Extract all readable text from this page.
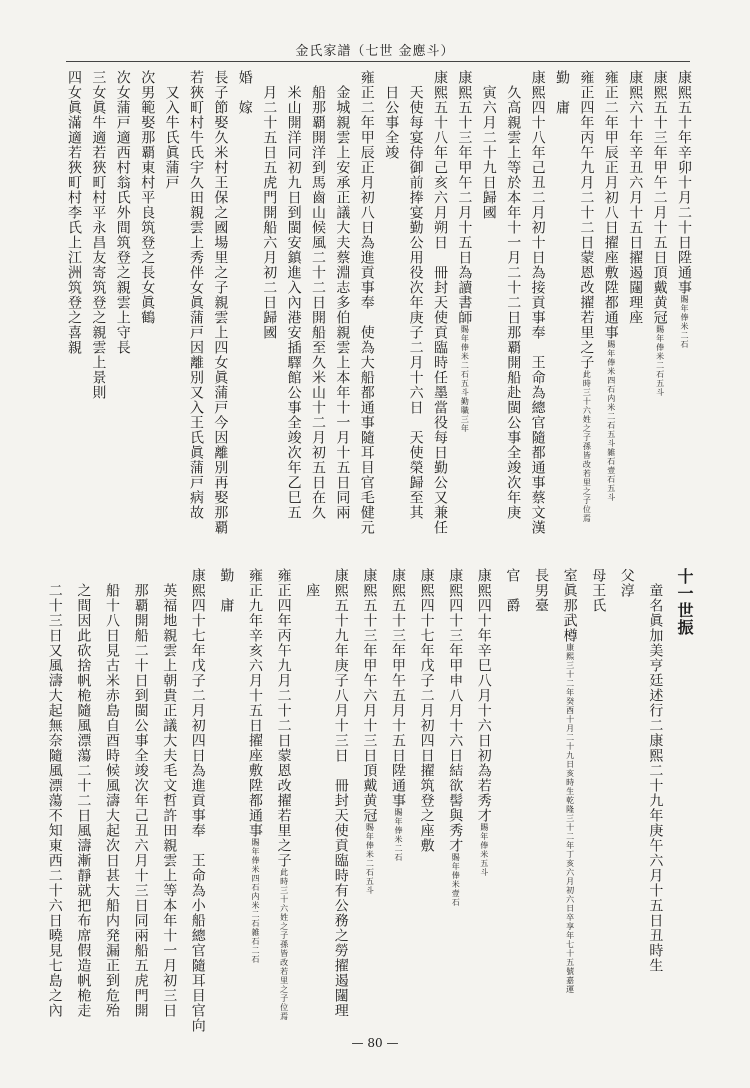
金氏家譜（七世 金應斗）
康熙五十年辛卯十月二十日陞通事賜年俸米二石
康熙五十三年甲午二月十五日頂戴黄冠賜年俸米二石五斗
康熙六十年辛丑六月十五日擢遏闥理座
雍正二年甲辰正月初八日擢座敷陞都通事賜年俸米四石内米二石五斗雑石壹石五斗
雍正四年丙午九月二十二日蒙恩改擢若里之子此時三十六姓之子孫皆改若里之子位焉
勤　庸
康熙四十八年己丑二月初十日為接貢事奉　王命為總官隨都通事蔡文漢
　久高親雲上等於本年十一月二十二日那覇開船赴閩公事全竣次年庚
　寅六月二十九日歸國
康熙五十三年甲午二月十五日為讀書師賜年俸米二石五斗勤職三年
康熙五十八年己亥六月朔日　冊封天使貢臨時任墨當役每日勤公又兼任
　天使每宴侍御前捧宴勤公用役次年庚子二月十六日　天使榮歸至其
　日公事全竣
雍正二年甲辰正月初八日為進貢事奉　使為大船都通事隨耳目官毛健元
　金城親雲上安承正議大夫蔡淵志多伯親雲上本年十一月十五日同兩
　船那覇開洋到馬齒山候風二十二日開船至久米山十二月初五日在久
　米山開洋同初九日到閩安鎮進入內港安插驛館公事全竣次年乙巳五
　月二十五日五虎門開船六月初二日歸國
婚　嫁
長子節娶久米村王保之國場里之子親雲上四女眞蒲戸今因離別再娶那覇
若狹町村牛氏宇久田親雲上秀伴女眞蒲戸因離別又入王氏眞蒲戸病故
　又入牛氏眞蒲戸
次男範娶那覇東村平良筑登之長女眞鶴
次女蒲戸適西村翁氏外間筑登之親雲上守長
三女眞牛適若狹町村平永昌友寄筑登之親雲上景則
四女眞滿適若狹町村李氏上江洲筑登之喜親
十一世振
　童名眞加美亨廷述行二康熙二十九年庚午六月十五日丑時生
父淳
母王氏
室眞那武樽康熙三十二年癸酉十月二十九日亥時生乾隆三十二年丁亥六月初六日卒享年七十五號嘉運
長男臺
官　爵
康熙四十年辛巳八月十六日初為若秀才賜年俸米五斗
康熙四十三年甲申八月十六日結欲髻與秀才賜年俸米壹石
康熙四十七年戊子二月初四日擢筑登之座敷
康熙五十三年甲午五月十五日陞通事賜年俸米二石
康熙五十三年甲午六月十三日頂戴黄冠賜年俸米二石五斗
康熙五十九年庚子八月十三日　冊封天使貢臨時有公務之勞擢遏闥理
　座
雍正四年丙午九月二十二日蒙恩改擢若里之子此時三十六姓之子孫皆改若里之子位焉
雍正九年辛亥六月十五日擢座敷陞都通事賜年俸米四石内米二石雑石二石
勤　庸
康熙四十七年戊子二月初四日為進貢事奉　王命為小船總官隨耳目官向
　英福地親雲上朝貴正議大夫毛文哲許田親雲上等本年十一月初三日
　那覇開船二十日到閩公事全竣次年己丑六月十三日同兩船五虎門開
　船十八日見古米赤島自酉時候風濤大起次日甚大船内発漏正到危殆
　之間因此砍捨帆桅隨風漂蕩二十二日風濤漸靜就把布席假造帆桅走
　二十三日又風濤大起無奈隨風漂蕩不知東西二十六日曉見七島之內
— 80 —
